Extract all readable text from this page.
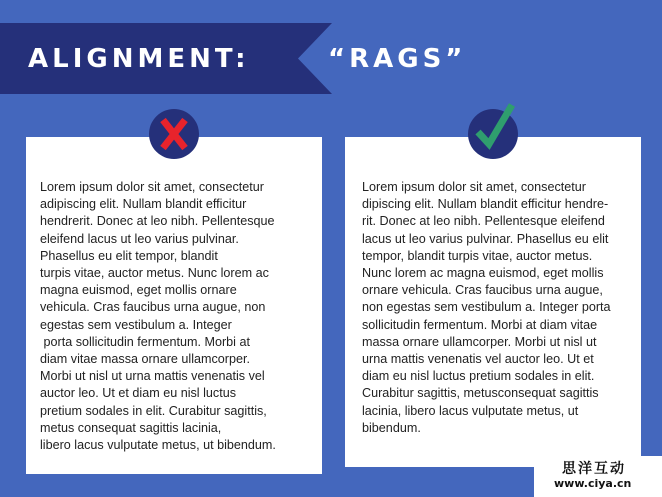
ALIGNMENT:	“RAGS”
Lorem ipsum dolor sit amet, consectetur
adipiscing elit. Nullam blandit efficitur
hendrerit. Donec at leo nibh. Pellentesque
eleifend lacus ut leo varius pulvinar.
Phasellus eu elit tempor, blandit
turpis vitae, auctor metus. Nunc lorem ac
magna euismod, eget mollis ornare
vehicula. Cras faucibus urna augue, non
egestas sem vestibulum a. Integer
porta sollicitudin fermentum. Morbi at
diam vitae massa ornare ullamcorper.
Morbi ut nisl ut urna mattis venenatis vel
auctor leo. Ut et diam eu nisl luctus
pretium sodales in elit. Curabitur sagittis,
metus consequat sagittis lacinia,
libero lacus vulputate metus, ut bibendum.
Lorem ipsum dolor sit amet, consectetur
dipiscing elit. Nullam blandit efficitur hendre-
rit. Donec at leo nibh. Pellentesque eleifend
lacus ut leo varius pulvinar. Phasellus eu elit
tempor, blandit turpis vitae, auctor metus.
Nunc lorem ac magna euismod, eget mollis
ornare vehicula. Cras faucibus urna augue,
non egestas sem vestibulum a. Integer porta
sollicitudin fermentum. Morbi at diam vitae
massa ornare ullamcorper. Morbi ut nisl ut
urna mattis venenatis vel auctor leo. Ut et
diam eu nisl luctus pretium sodales in elit.
Curabitur sagittis, metusconsequat sagittis
lacinia, libero lacus vulputate metus, ut
bibendum.
思洋互动
www.ciya.cn
